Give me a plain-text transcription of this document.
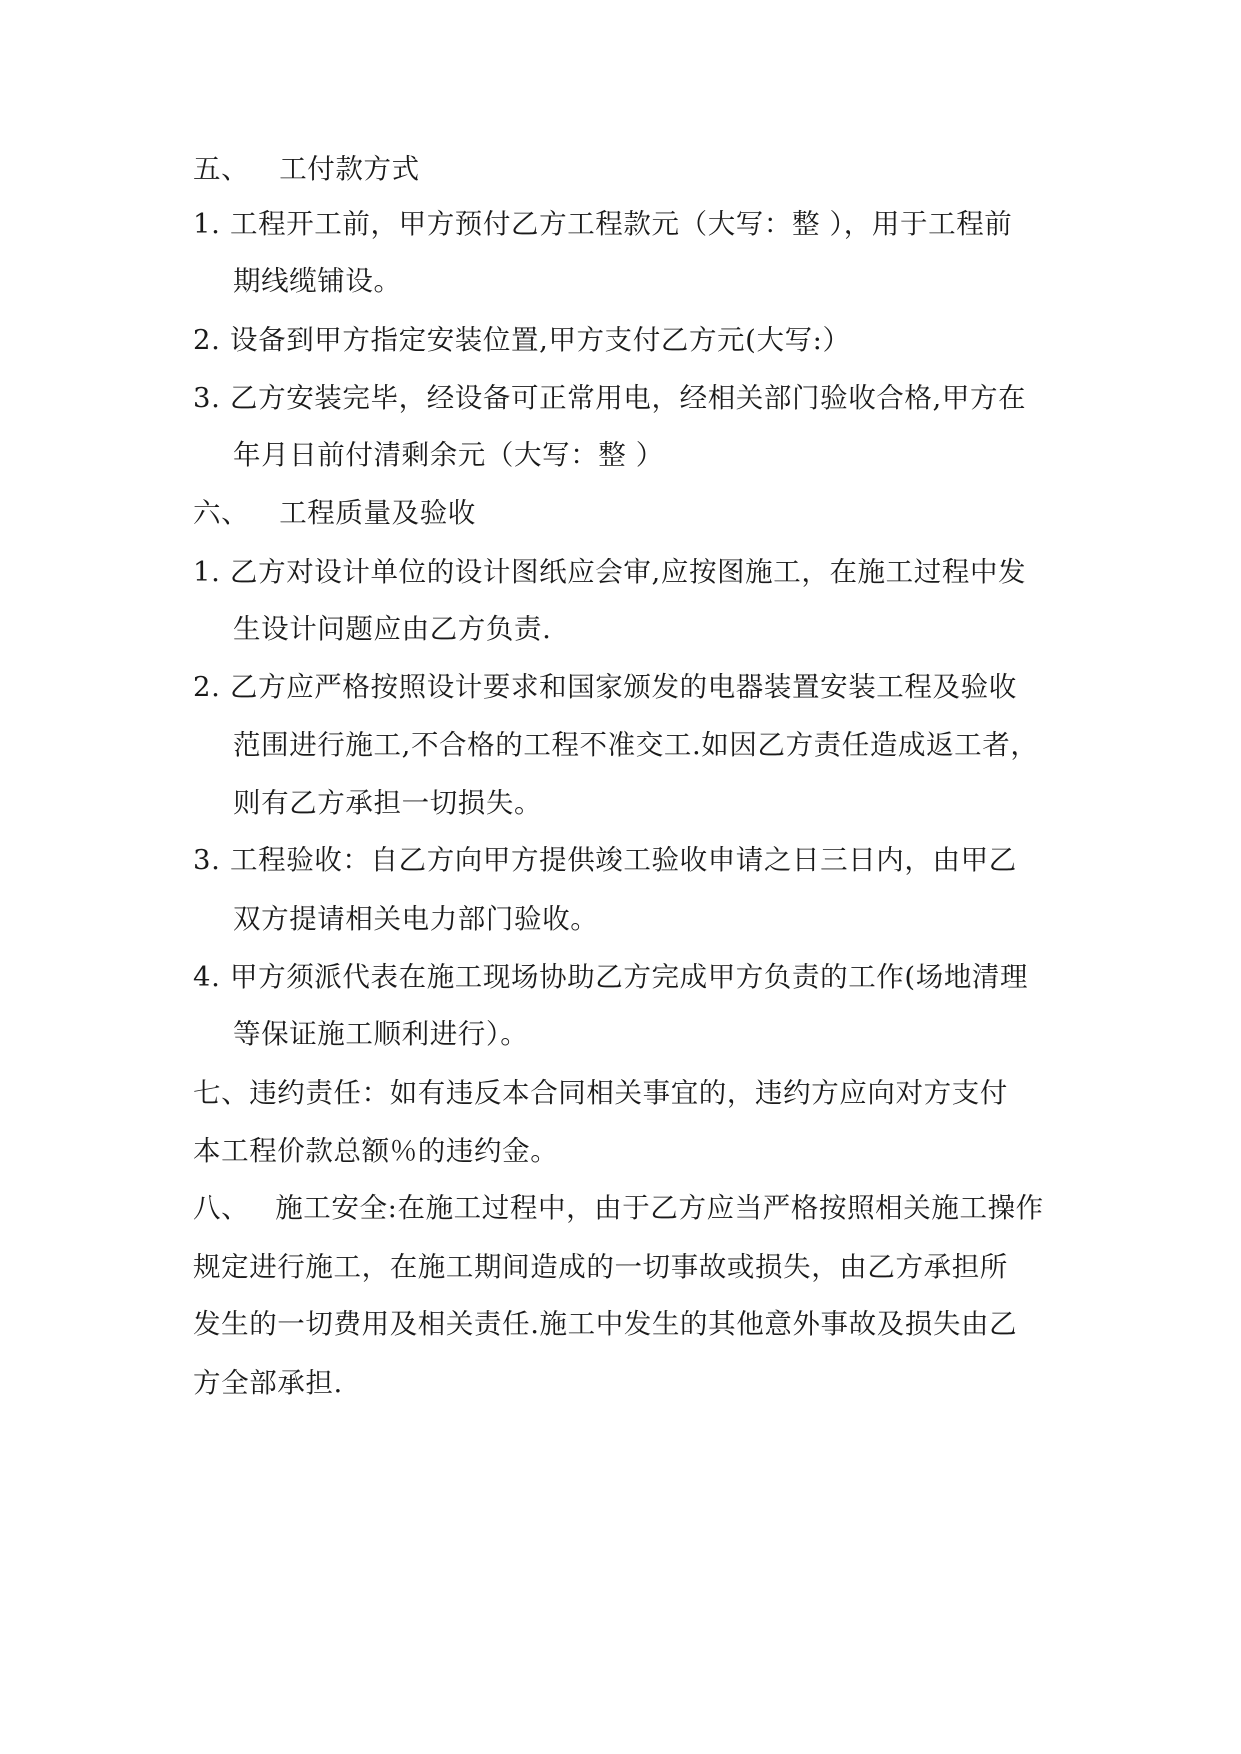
五、 工付款方式
1. 工程开工前，甲方预付乙方工程款元（大写：整 ），用于工程前
期线缆铺设。
2. 设备到甲方指定安装位置,甲方支付乙方元(大写:）
3. 乙方安装完毕，经设备可正常用电，经相关部门验收合格,甲方在
年月日前付清剩余元（大写：整 ）
六、 工程质量及验收
1. 乙方对设计单位的设计图纸应会审,应按图施工，在施工过程中发
生设计问题应由乙方负责.
2. 乙方应严格按照设计要求和国家颁发的电器装置安装工程及验收
范围进行施工,不合格的工程不准交工.如因乙方责任造成返工者，
则有乙方承担一切损失。
3. 工程验收：自乙方向甲方提供竣工验收申请之日三日内，由甲乙
双方提请相关电力部门验收。
4. 甲方须派代表在施工现场协助乙方完成甲方负责的工作(场地清理
等保证施工顺利进行）。
七、违约责任：如有违反本合同相关事宜的，违约方应向对方支付
本工程价款总额％的违约金。
八、 施工安全:在施工过程中，由于乙方应当严格按照相关施工操作
规定进行施工，在施工期间造成的一切事故或损失，由乙方承担所
发生的一切费用及相关责任.施工中发生的其他意外事故及损失由乙
方全部承担.
